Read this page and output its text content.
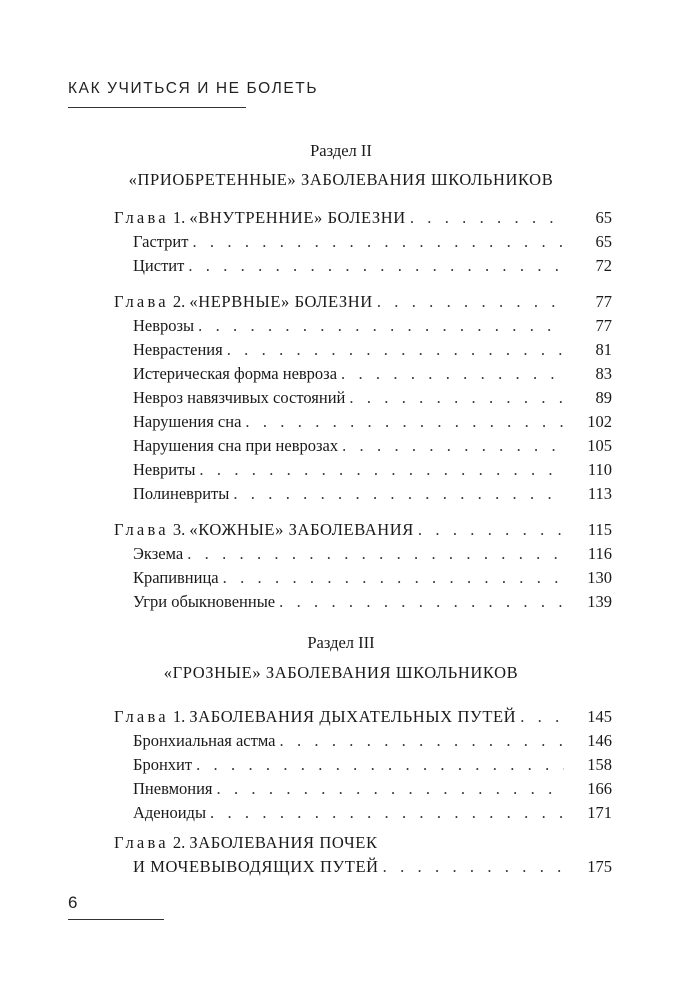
КАК УЧИТЬСЯ И НЕ БОЛЕТЬ
Раздел II
«ПРИОБРЕТЕННЫЕ» ЗАБОЛЕВАНИЯ ШКОЛЬНИКОВ
Глава 1. «ВНУТРЕННИЕ» БОЛЕЗНИ . . .	65
Гастрит . . .	65
Цистит . . .	72
Глава 2. «НЕРВНЫЕ» БОЛЕЗНИ . . .	77
Неврозы . . .	77
Неврастения . . .	81
Истерическая форма невроза . . .	83
Невроз навязчивых состояний . . .	89
Нарушения сна . . .	102
Нарушения сна при неврозах . . .	105
Невриты . . .	110
Полиневриты . . .	113
Глава 3. «КОЖНЫЕ» ЗАБОЛЕВАНИЯ . . .	115
Экзема . . .	116
Крапивница . . .	130
Угри обыкновенные . . .	139
Раздел III
«ГРОЗНЫЕ» ЗАБОЛЕВАНИЯ ШКОЛЬНИКОВ
Глава 1. ЗАБОЛЕВАНИЯ ДЫХАТЕЛЬНЫХ ПУТЕЙ . . .	145
Бронхиальная астма . . .	146
Бронхит . . .	158
Пневмония . . .	166
Аденоиды . . .	171
Глава 2. ЗАБОЛЕВАНИЯ ПОЧЕК
И МОЧЕВЫВОДЯЩИХ ПУТЕЙ . . .	175
6
